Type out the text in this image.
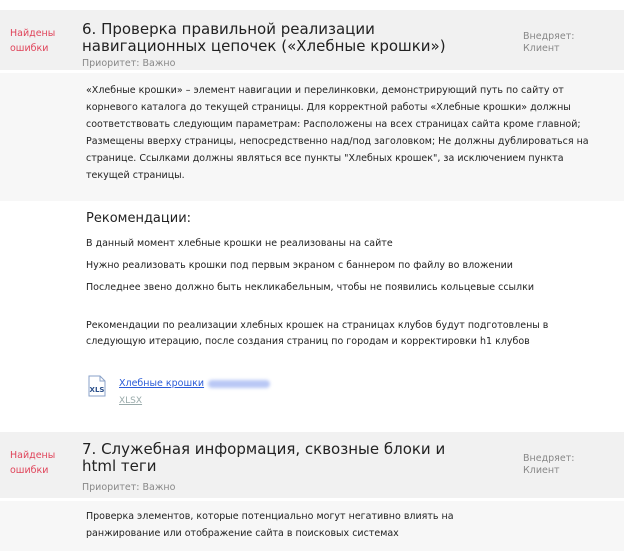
Найдены ошибки
6. Проверка правильной реализации навигационных цепочек («Хлебные крошки»)
Приоритет: Важно
Внедряет: Клиент
«Хлебные крошки» – элемент навигации и перелинковки, демонстрирующий путь по сайту от корневого каталога до текущей страницы. Для корректной работы «Хлебные крошки» должны соответствовать следующим параметрам: Расположены на всех страницах сайта кроме главной; Размещены вверху страницы, непосредственно над/под заголовком; Не должны дублироваться на странице. Ссылками должны являться все пункты "Хлебных крошек", за исключением пункта текущей страницы.
Рекомендации:
В данный момент хлебные крошки не реализованы на сайте
Нужно реализовать крошки под первым экраном с баннером по файлу во вложении
Последнее звено должно быть некликабельным, чтобы не появились кольцевые ссылки
Рекомендации по реализации хлебных крошек на страницах клубов будут подготовлены в следующую итерацию, после создания страниц по городам и корректировки h1 клубов
XLS
Хлебные крошки
XLSX
Найдены ошибки
7. Служебная информация, сквозные блоки и html теги
Приоритет: Важно
Внедряет: Клиент
Проверка элементов, которые потенциально могут негативно влиять на ранжирование или отображение сайта в поисковых системах
